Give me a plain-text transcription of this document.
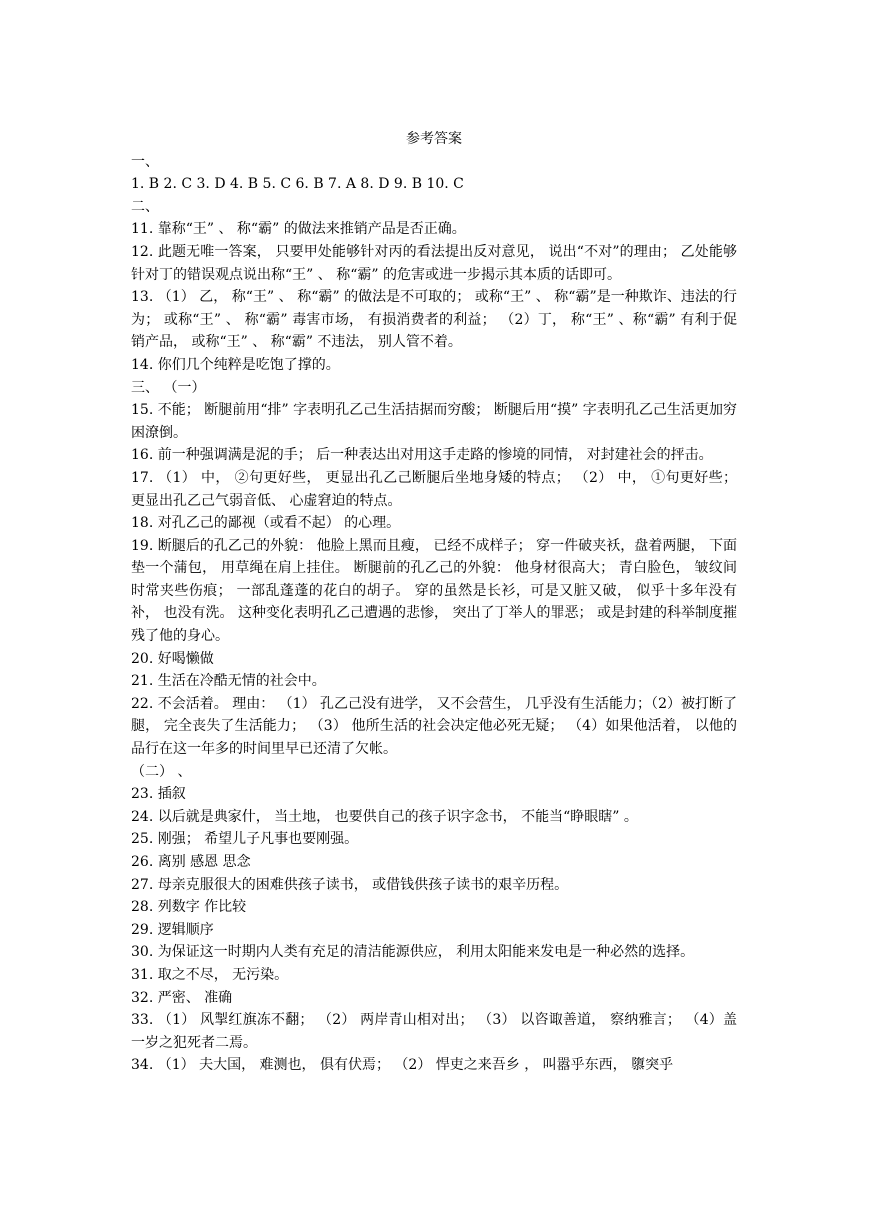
参考答案
一、
1. B 2. C 3. D 4. B 5. C 6. B 7. A 8. D 9. B 10. C
二、
11. 靠称“王” 、 称“霸” 的做法来推销产品是否正确。
12. 此题无唯一答案， 只要甲处能够针对丙的看法提出反对意见， 说出“不对”的理由； 乙处能够针对丁的错误观点说出称“王” 、 称“霸” 的危害或进一步揭示其本质的话即可。
13. （1） 乙， 称“王” 、 称“霸” 的做法是不可取的； 或称“王” 、 称“霸”是一种欺诈、违法的行为； 或称“王” 、 称“霸” 毒害市场， 有损消费者的利益； （2）丁， 称“王” 、称“霸” 有利于促销产品， 或称“王” 、 称“霸” 不违法， 别人管不着。
14. 你们几个纯粹是吃饱了撑的。
三、 （一）
15. 不能； 断腿前用“排” 字表明孔乙己生活拮据而穷酸； 断腿后用“摸” 字表明孔乙己生活更加穷困潦倒。
16. 前一种强调满是泥的手； 后一种表达出对用这手走路的惨境的同情， 对封建社会的抨击。
17. （1） 中， ②句更好些， 更显出孔乙己断腿后坐地身矮的特点； （2） 中， ①句更好些； 更显出孔乙己气弱音低、 心虚窘迫的特点。
18. 对孔乙己的鄙视（或看不起） 的心理。
19. 断腿后的孔乙己的外貌： 他脸上黑而且瘦， 已经不成样子； 穿一件破夹袄，盘着两腿， 下面垫一个蒲包， 用草绳在肩上挂住。 断腿前的孔乙己的外貌： 他身材很高大； 青白脸色， 皱纹间时常夹些伤痕； 一部乱蓬蓬的花白的胡子。 穿的虽然是长衫，可是又脏又破， 似乎十多年没有补， 也没有洗。 这种变化表明孔乙己遭遇的悲惨， 突出了丁举人的罪恶； 或是封建的科举制度摧残了他的身心。
20. 好喝懒做
21. 生活在冷酷无情的社会中。
22. 不会活着。 理由： （1） 孔乙己没有进学， 又不会营生， 几乎没有生活能力；（2）被打断了腿， 完全丧失了生活能力； （3） 他所生活的社会决定他必死无疑； （4）如果他活着， 以他的品行在这一年多的时间里早已还清了欠帐。
（二） 、
23. 插叙
24. 以后就是典家什， 当土地， 也要供自己的孩子识字念书， 不能当“睁眼瞎” 。
25. 刚强； 希望儿子凡事也要刚强。
26. 离别 感恩 思念
27. 母亲克服很大的困难供孩子读书， 或借钱供孩子读书的艰辛历程。
28. 列数字 作比较
29. 逻辑顺序
30. 为保证这一时期内人类有充足的清洁能源供应， 利用太阳能来发电是一种必然的选择。
31. 取之不尽， 无污染。
32. 严密、 准确
33. （1） 风掣红旗冻不翻； （2） 两岸青山相对出； （3） 以咨诹善道， 察纳雅言； （4）盖一岁之犯死者二焉。
34. （1） 夫大国， 难测也， 俱有伏焉； （2） 悍吏之来吾乡 ， 叫嚣乎东西， 隳突乎
